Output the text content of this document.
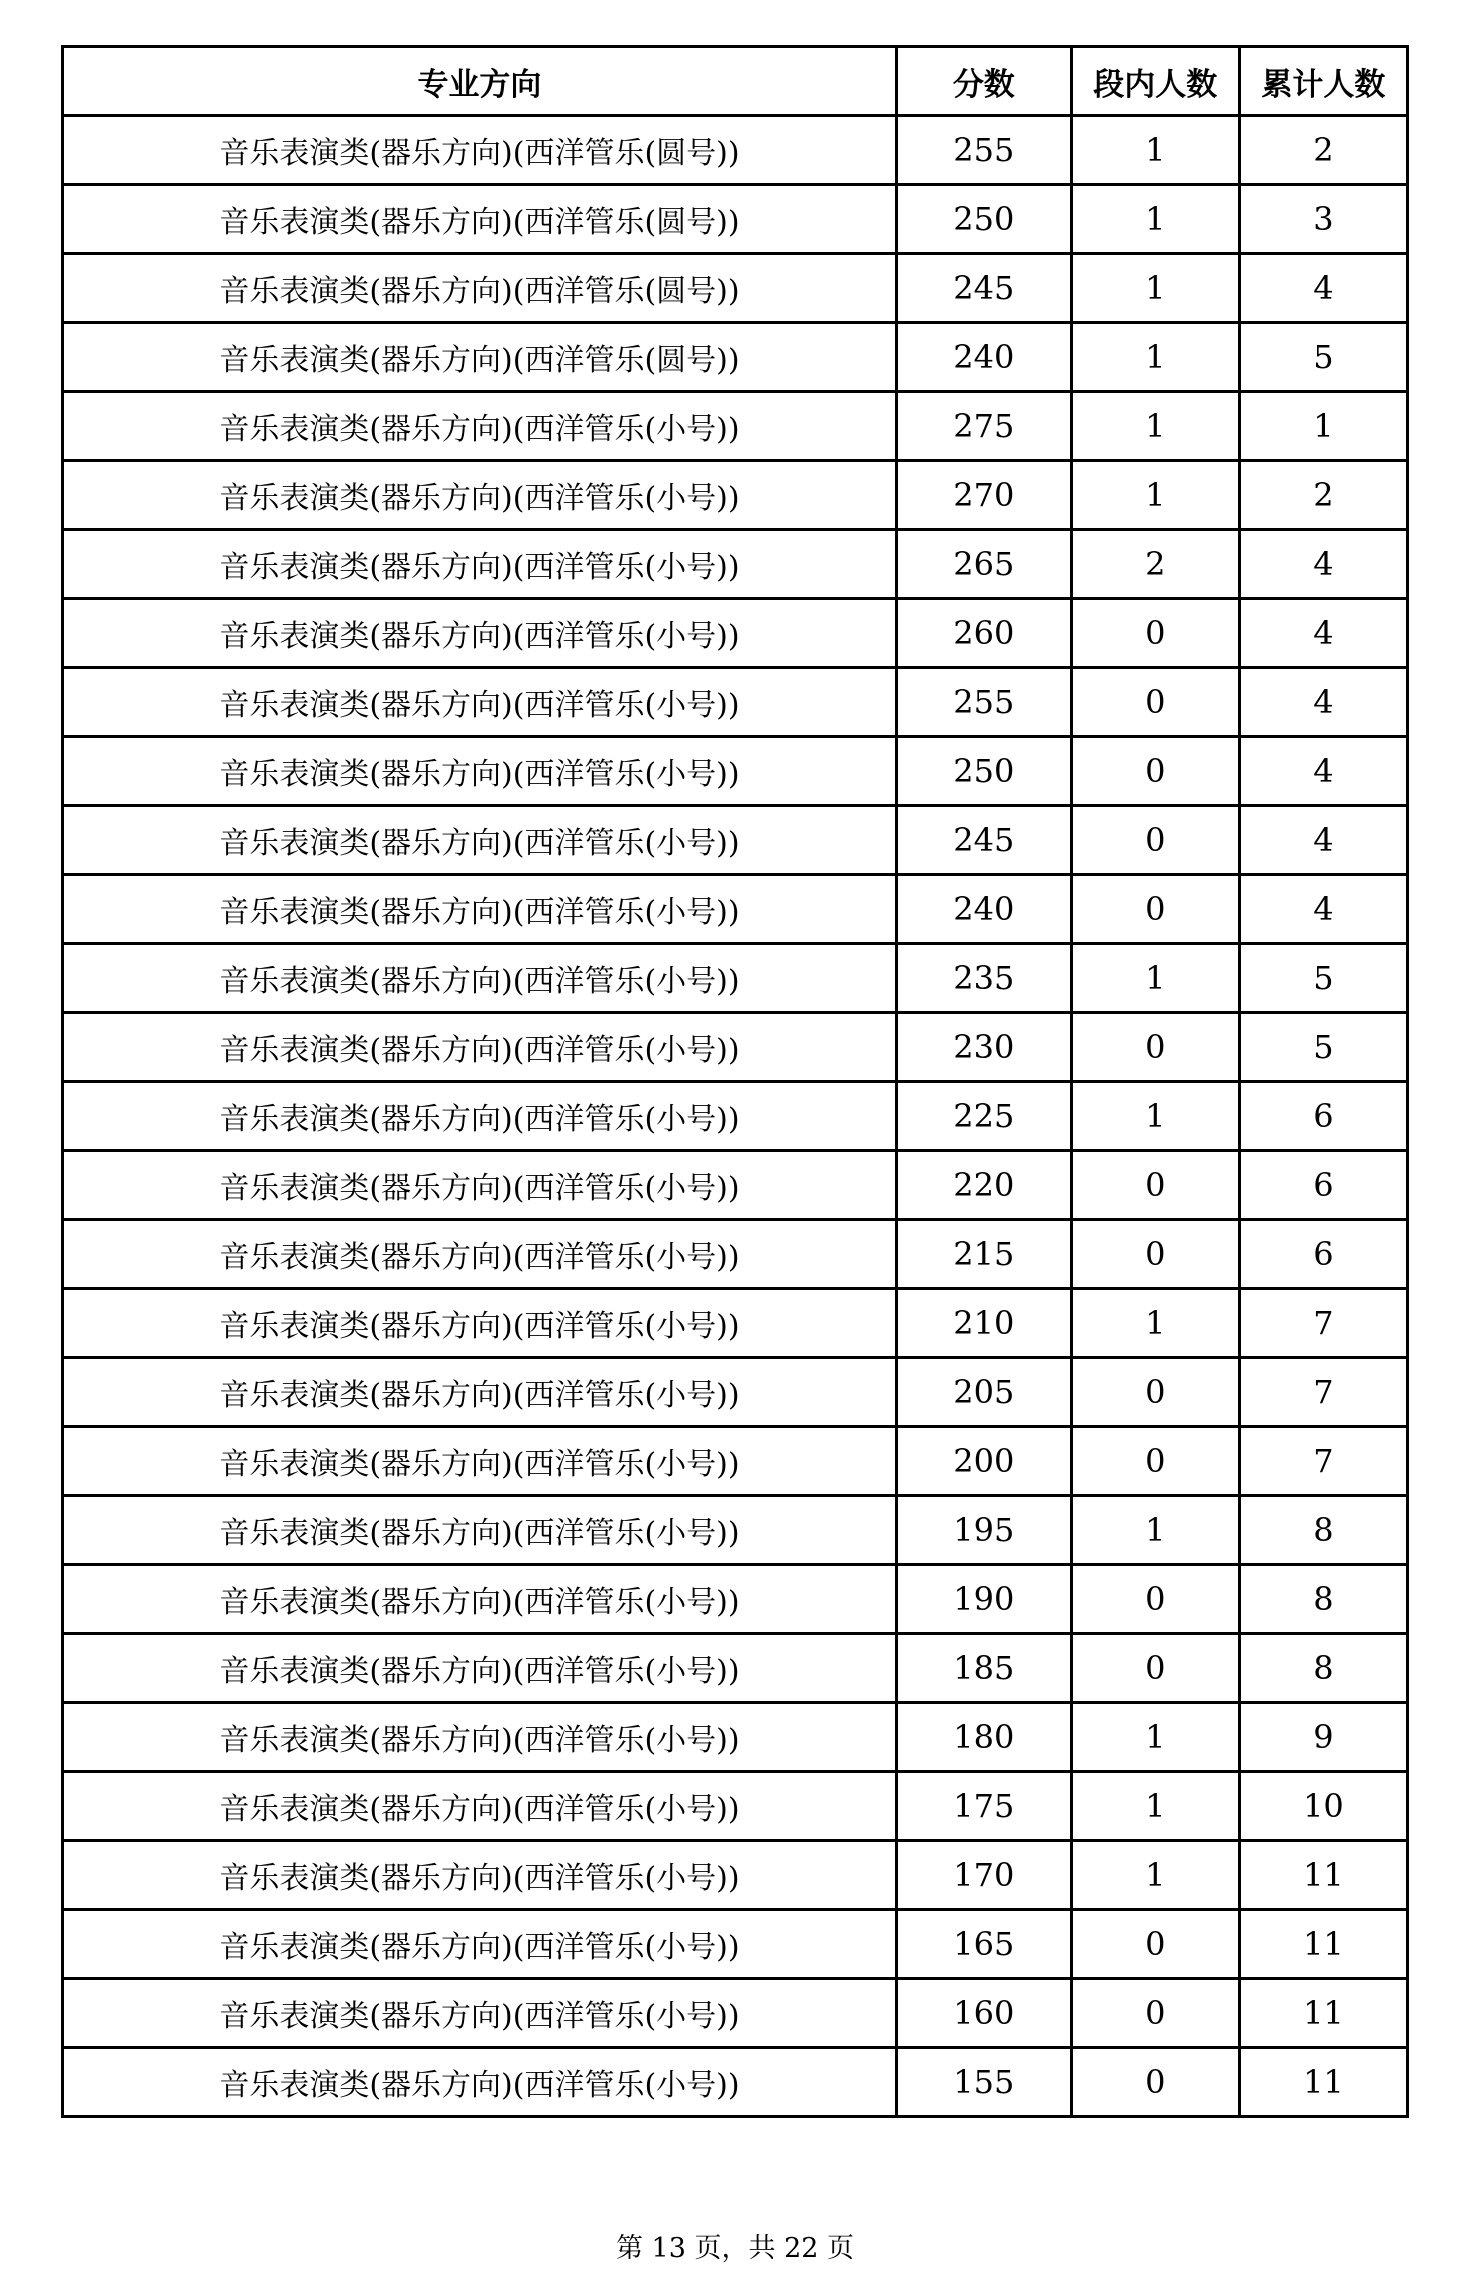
专业方向	分数	段内人数	累计人数
音乐表演类(器乐方向)(西洋管乐(圆号))	255	1	2
音乐表演类(器乐方向)(西洋管乐(圆号))	250	1	3
音乐表演类(器乐方向)(西洋管乐(圆号))	245	1	4
音乐表演类(器乐方向)(西洋管乐(圆号))	240	1	5
音乐表演类(器乐方向)(西洋管乐(小号))	275	1	1
音乐表演类(器乐方向)(西洋管乐(小号))	270	1	2
音乐表演类(器乐方向)(西洋管乐(小号))	265	2	4
音乐表演类(器乐方向)(西洋管乐(小号))	260	0	4
音乐表演类(器乐方向)(西洋管乐(小号))	255	0	4
音乐表演类(器乐方向)(西洋管乐(小号))	250	0	4
音乐表演类(器乐方向)(西洋管乐(小号))	245	0	4
音乐表演类(器乐方向)(西洋管乐(小号))	240	0	4
音乐表演类(器乐方向)(西洋管乐(小号))	235	1	5
音乐表演类(器乐方向)(西洋管乐(小号))	230	0	5
音乐表演类(器乐方向)(西洋管乐(小号))	225	1	6
音乐表演类(器乐方向)(西洋管乐(小号))	220	0	6
音乐表演类(器乐方向)(西洋管乐(小号))	215	0	6
音乐表演类(器乐方向)(西洋管乐(小号))	210	1	7
音乐表演类(器乐方向)(西洋管乐(小号))	205	0	7
音乐表演类(器乐方向)(西洋管乐(小号))	200	0	7
音乐表演类(器乐方向)(西洋管乐(小号))	195	1	8
音乐表演类(器乐方向)(西洋管乐(小号))	190	0	8
音乐表演类(器乐方向)(西洋管乐(小号))	185	0	8
音乐表演类(器乐方向)(西洋管乐(小号))	180	1	9
音乐表演类(器乐方向)(西洋管乐(小号))	175	1	10
音乐表演类(器乐方向)(西洋管乐(小号))	170	1	11
音乐表演类(器乐方向)(西洋管乐(小号))	165	0	11
音乐表演类(器乐方向)(西洋管乐(小号))	160	0	11
音乐表演类(器乐方向)(西洋管乐(小号))	155	0	11
第 13 页，共 22 页
